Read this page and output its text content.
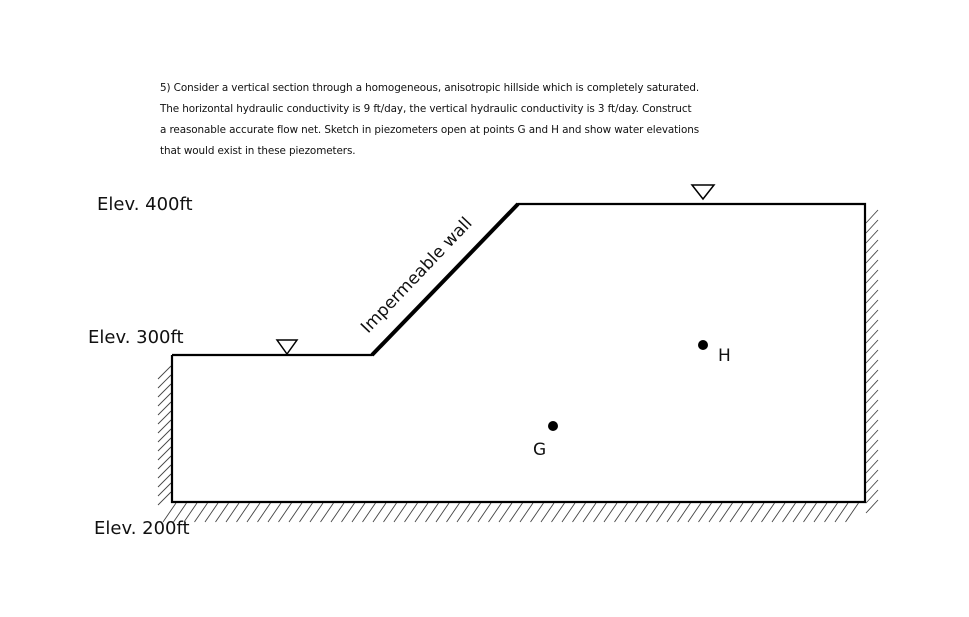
5) Consider a vertical section through a homogeneous, anisotropic hillside which is completely saturated.
The horizontal hydraulic conductivity is 9 ft/day, the vertical hydraulic conductivity is 3 ft/day. Construct
a reasonable accurate flow net. Sketch in piezometers open at points G and H and show water elevations
that would exist in these piezometers.
Elev. 400ft
Elev. 300ft
Elev. 200ft
Impermeable wall
G
H
